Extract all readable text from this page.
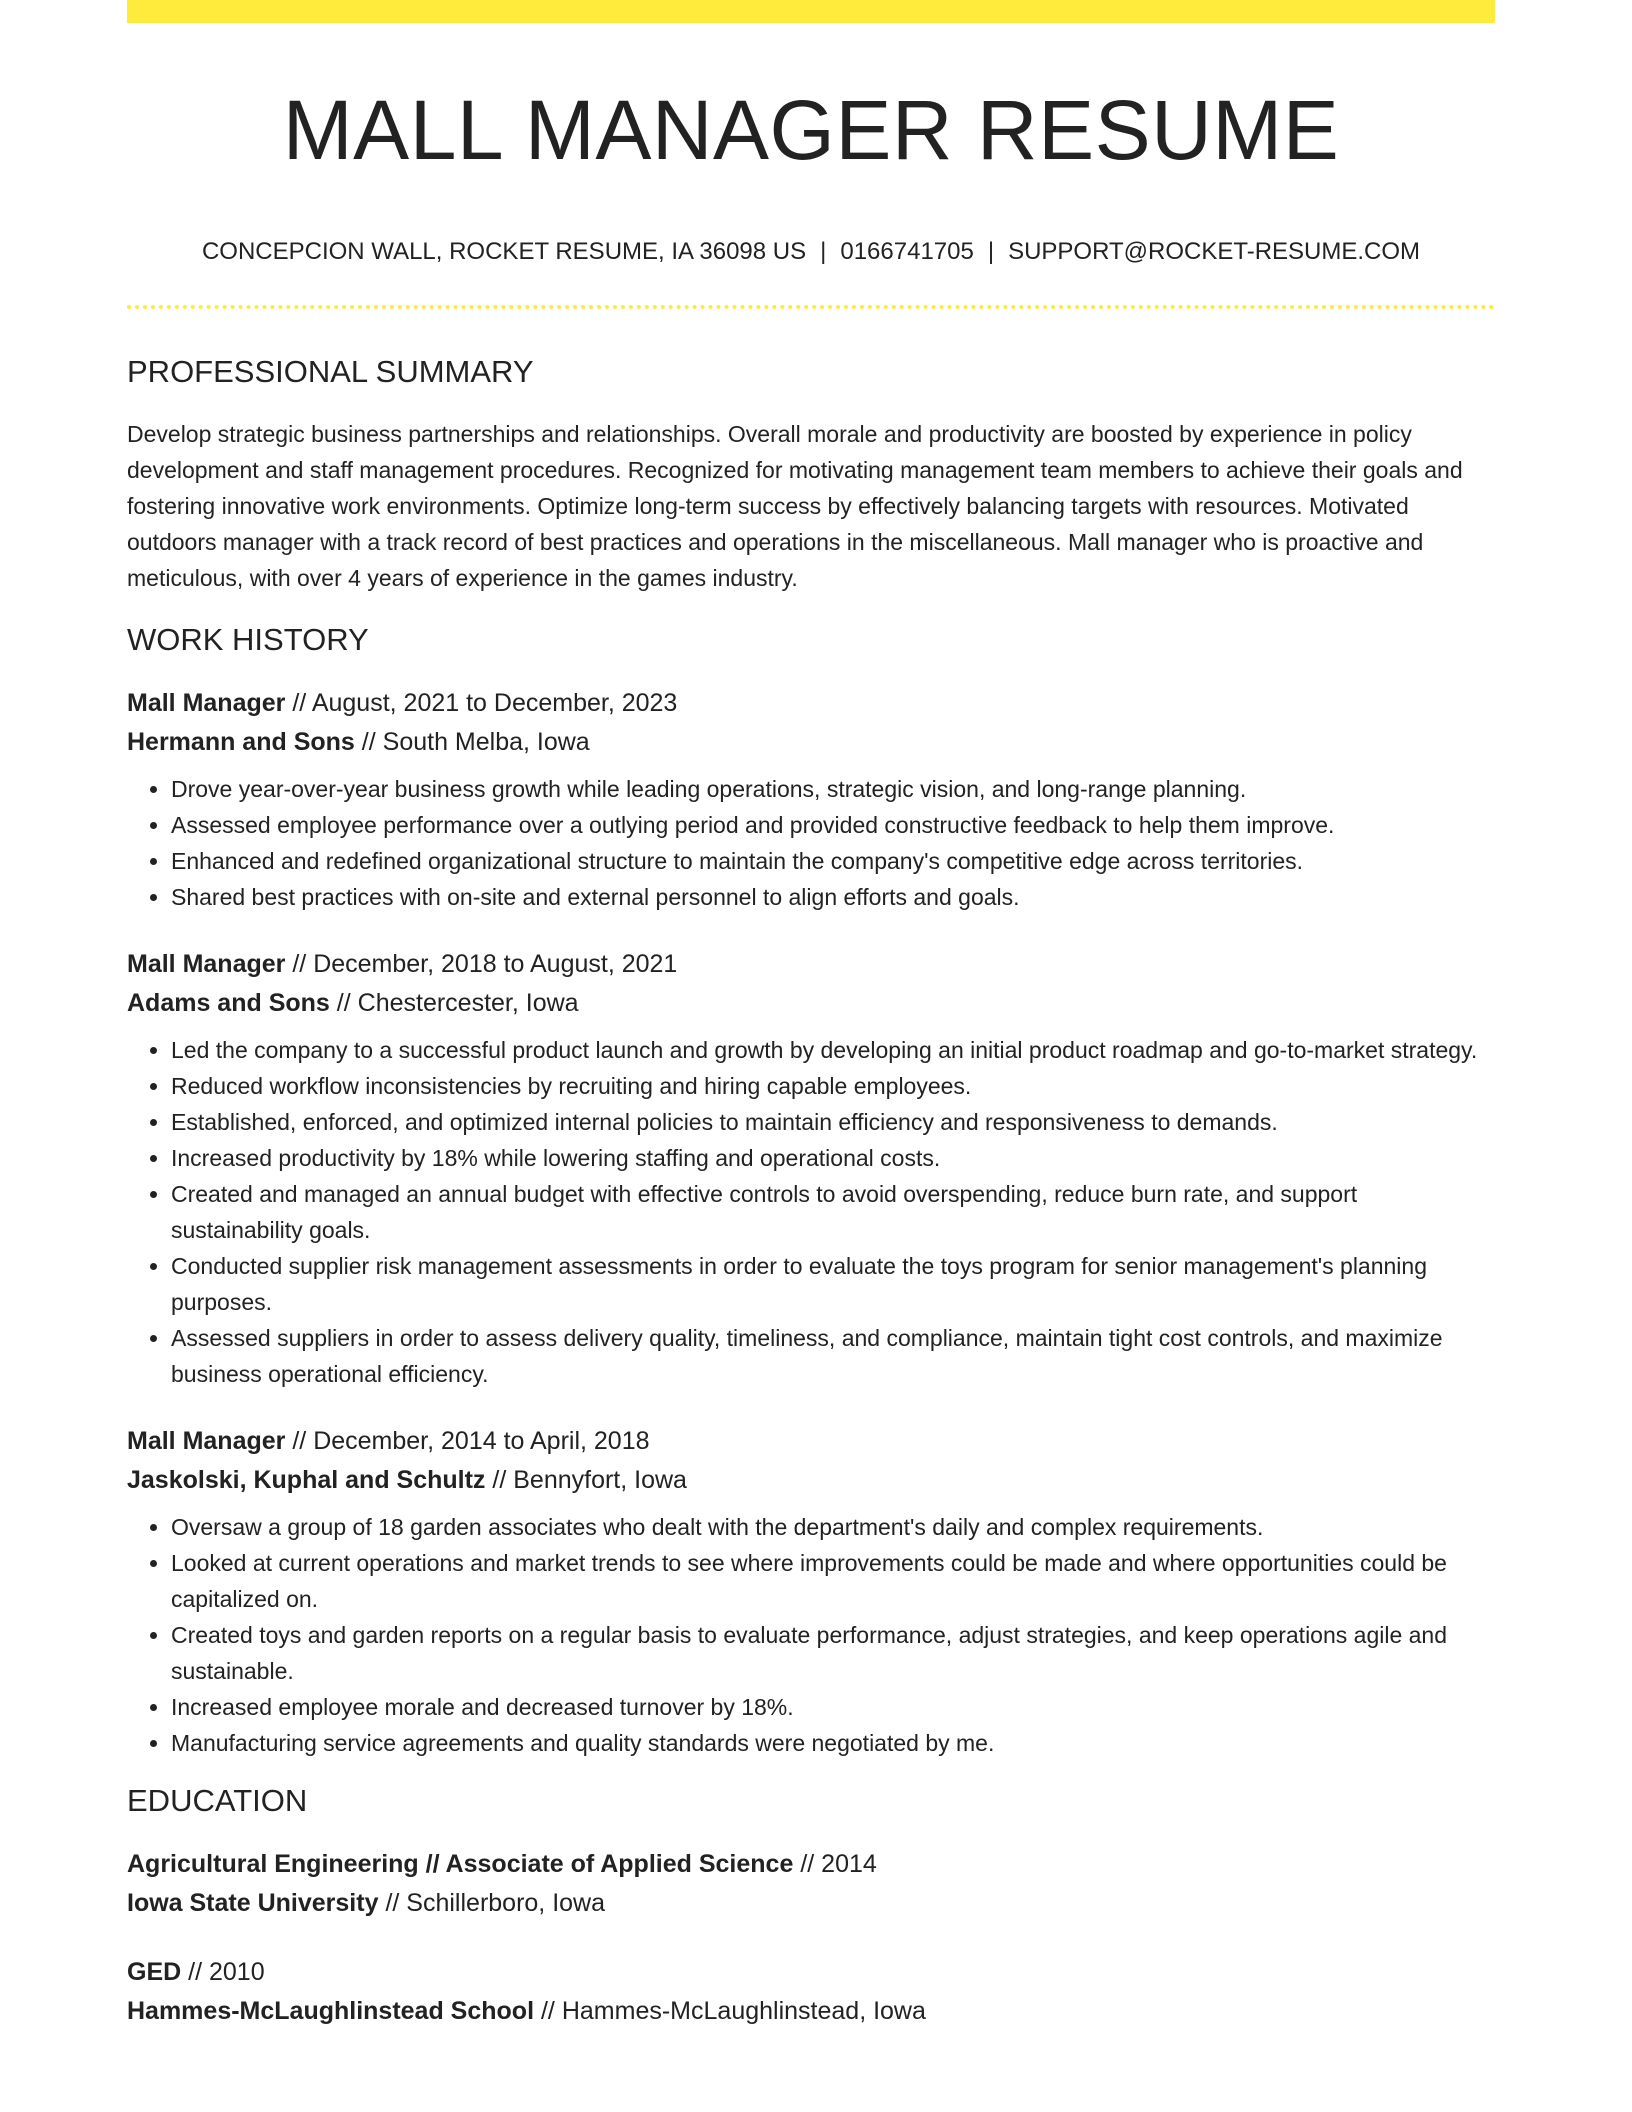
MALL MANAGER RESUME
CONCEPCION WALL, ROCKET RESUME, IA 36098 US | 0166741705 | SUPPORT@ROCKET-RESUME.COM
PROFESSIONAL SUMMARY

Develop strategic business partnerships and relationships. Overall morale and productivity are boosted by experience in policy development and staff management procedures. Recognized for motivating management team members to achieve their goals and fostering innovative work environments. Optimize long-term success by effectively balancing targets with resources. Motivated outdoors manager with a track record of best practices and operations in the miscellaneous. Mall manager who is proactive and meticulous, with over 4 years of experience in the games industry.

WORK HISTORY
Mall Manager // August, 2021 to December, 2023
Hermann and Sons // South Melba, Iowa
• Drove year-over-year business growth while leading operations, strategic vision, and long-range planning.
• Assessed employee performance over a outlying period and provided constructive feedback to help them improve.
• Enhanced and redefined organizational structure to maintain the company's competitive edge across territories.
• Shared best practices with on-site and external personnel to align efforts and goals.
Mall Manager // December, 2018 to August, 2021
Adams and Sons // Chestercester, Iowa
• Led the company to a successful product launch and growth by developing an initial product roadmap and go-to-market strategy.
• Reduced workflow inconsistencies by recruiting and hiring capable employees.
• Established, enforced, and optimized internal policies to maintain efficiency and responsiveness to demands.
• Increased productivity by 18% while lowering staffing and operational costs.
• Created and managed an annual budget with effective controls to avoid overspending, reduce burn rate, and support sustainability goals.
• Conducted supplier risk management assessments in order to evaluate the toys program for senior management's planning purposes.
• Assessed suppliers in order to assess delivery quality, timeliness, and compliance, maintain tight cost controls, and maximize business operational efficiency.
Mall Manager // December, 2014 to April, 2018
Jaskolski, Kuphal and Schultz // Bennyfort, Iowa
• Oversaw a group of 18 garden associates who dealt with the department's daily and complex requirements.
• Looked at current operations and market trends to see where improvements could be made and where opportunities could be capitalized on.
• Created toys and garden reports on a regular basis to evaluate performance, adjust strategies, and keep operations agile and sustainable.
• Increased employee morale and decreased turnover by 18%.
• Manufacturing service agreements and quality standards were negotiated by me.
EDUCATION
Agricultural Engineering // Associate of Applied Science // 2014
Iowa State University // Schillerboro, Iowa
GED // 2010
Hammes-McLaughlinstead School // Hammes-McLaughlinstead, Iowa
